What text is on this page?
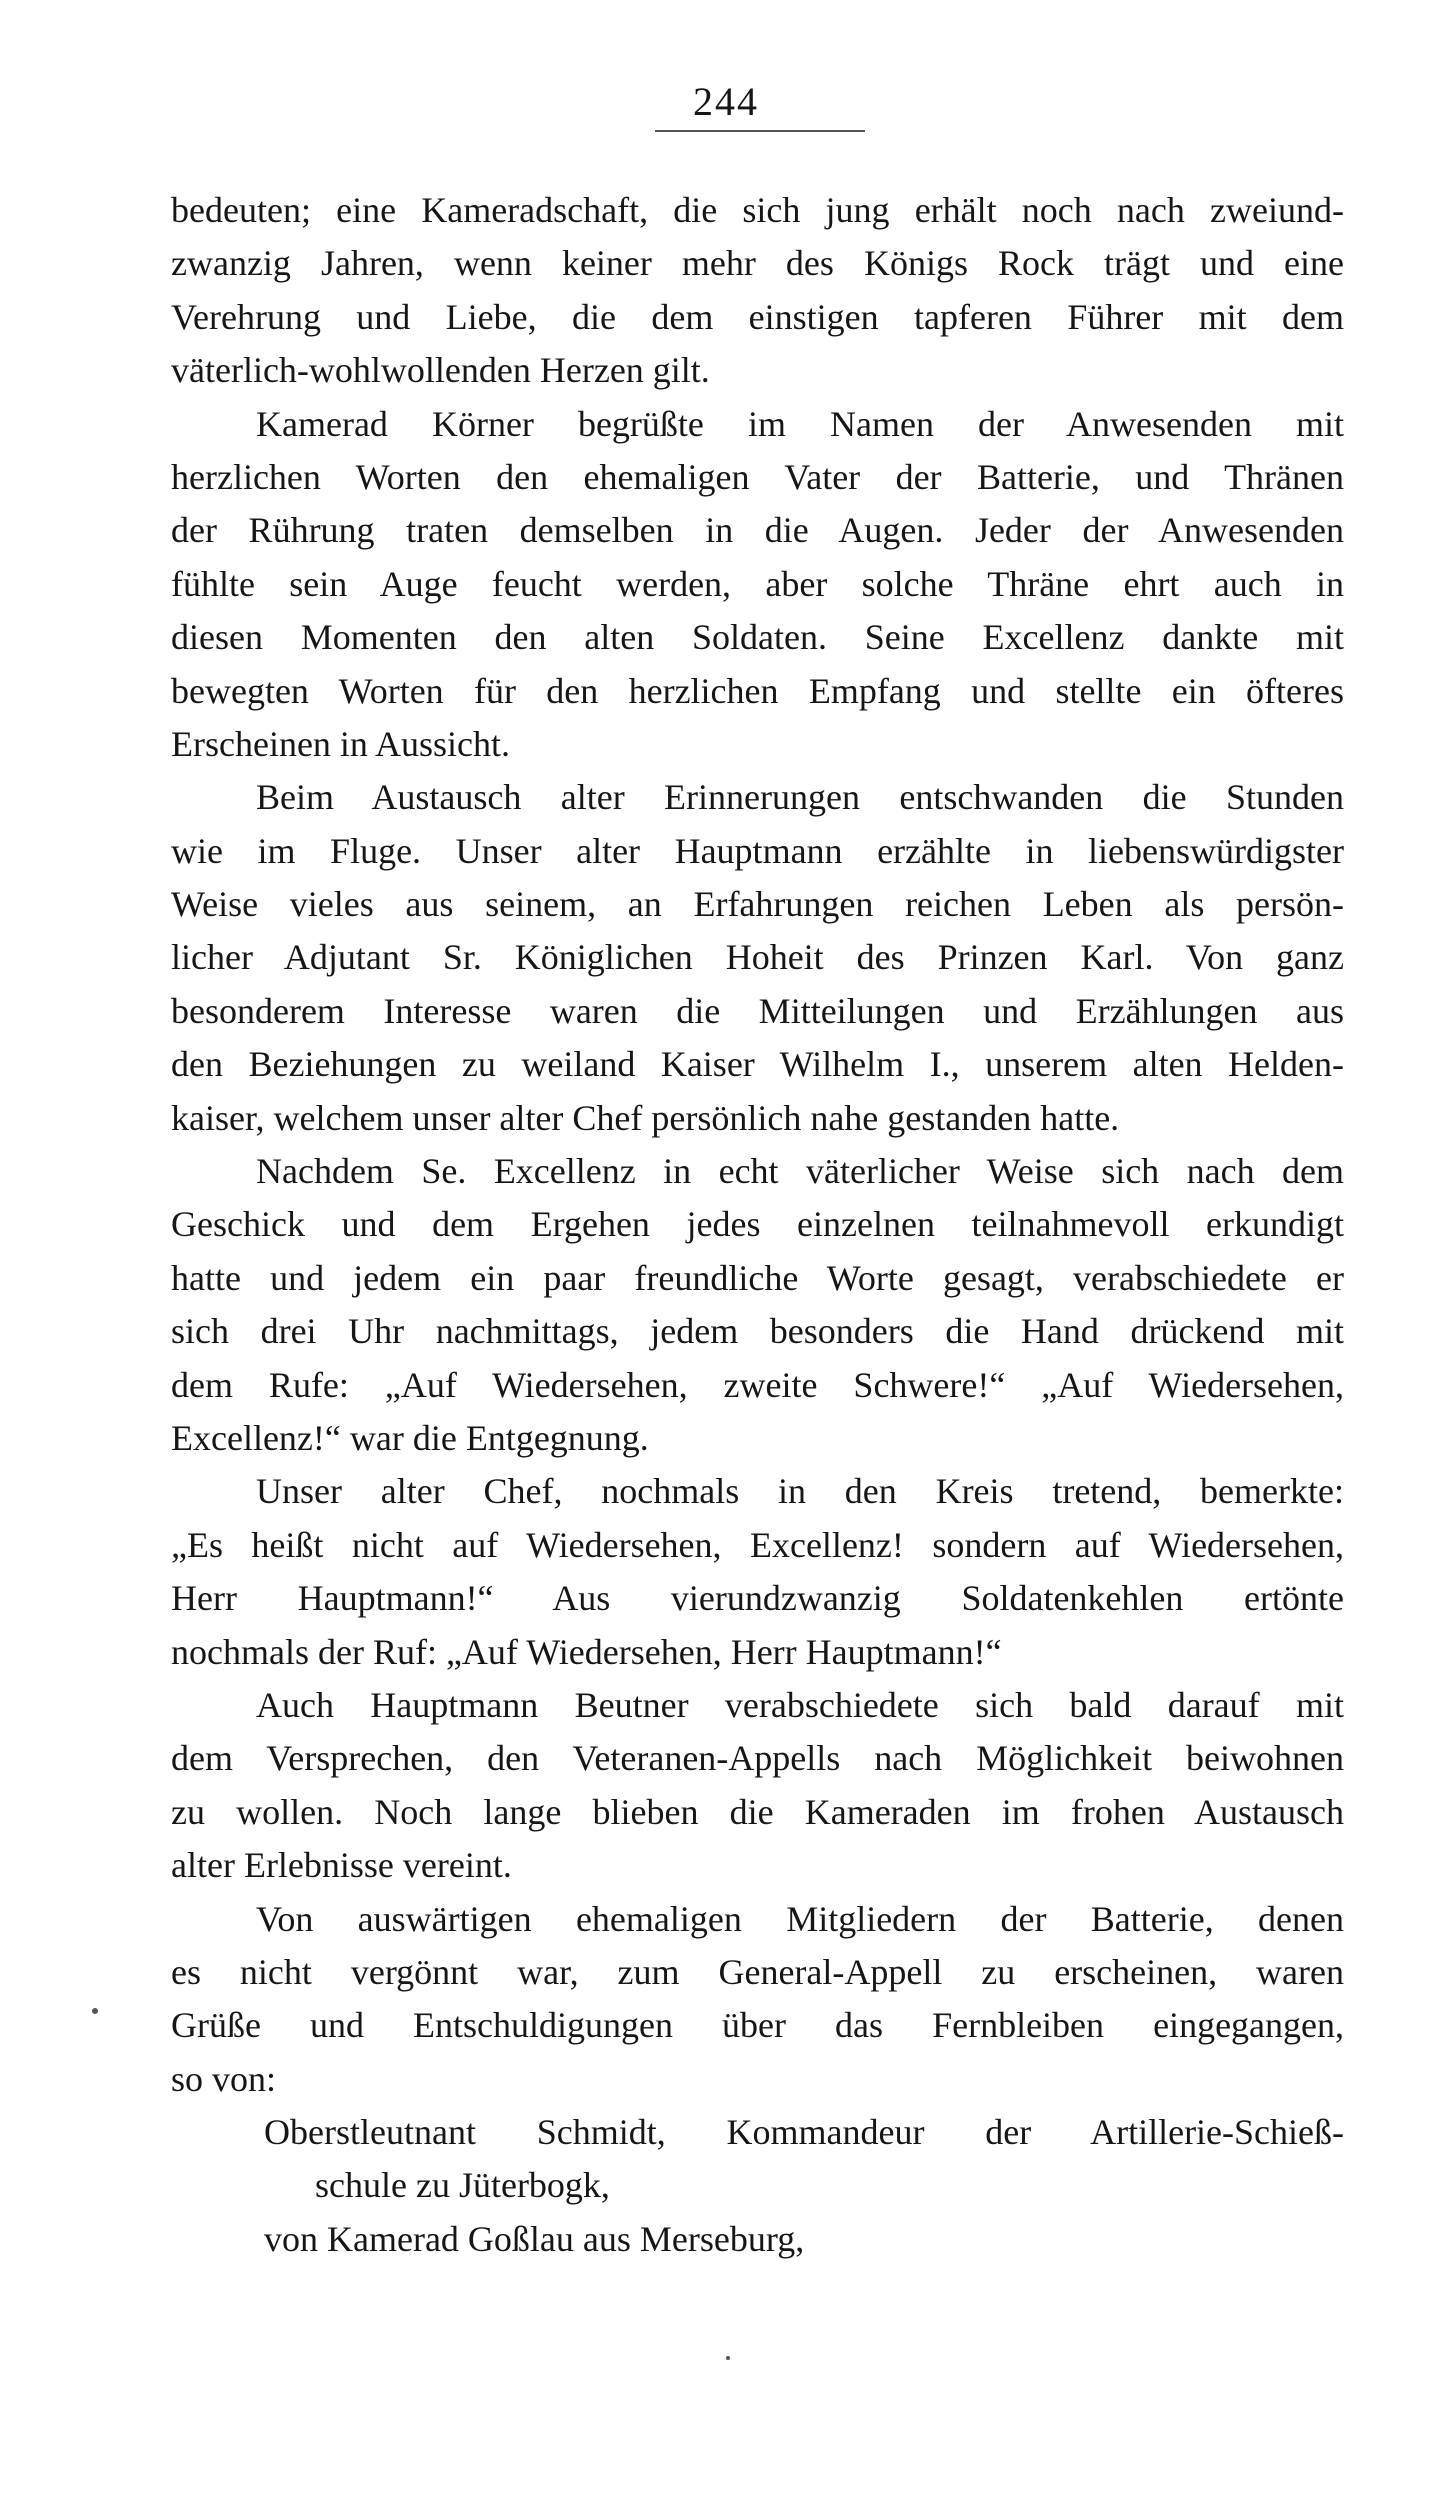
244
bedeuten; eine Kameradschaft, die sich jung erhält noch nach zweiund-
zwanzig Jahren, wenn keiner mehr des Königs Rock trägt und eine
Verehrung und Liebe, die dem einstigen tapferen Führer mit dem
väterlich-wohlwollenden Herzen gilt.
Kamerad Körner begrüßte im Namen der Anwesenden mit
herzlichen Worten den ehemaligen Vater der Batterie, und Thränen
der Rührung traten demselben in die Augen. Jeder der Anwesenden
fühlte sein Auge feucht werden, aber solche Thräne ehrt auch in
diesen Momenten den alten Soldaten. Seine Excellenz dankte mit
bewegten Worten für den herzlichen Empfang und stellte ein öfteres
Erscheinen in Aussicht.
Beim Austausch alter Erinnerungen entschwanden die Stunden
wie im Fluge. Unser alter Hauptmann erzählte in liebenswürdigster
Weise vieles aus seinem, an Erfahrungen reichen Leben als persön-
licher Adjutant Sr. Königlichen Hoheit des Prinzen Karl. Von ganz
besonderem Interesse waren die Mitteilungen und Erzählungen aus
den Beziehungen zu weiland Kaiser Wilhelm I., unserem alten Helden-
kaiser, welchem unser alter Chef persönlich nahe gestanden hatte.
Nachdem Se. Excellenz in echt väterlicher Weise sich nach dem
Geschick und dem Ergehen jedes einzelnen teilnahmevoll erkundigt
hatte und jedem ein paar freundliche Worte gesagt, verabschiedete er
sich drei Uhr nachmittags, jedem besonders die Hand drückend mit
dem Rufe: „Auf Wiedersehen, zweite Schwere!“ „Auf Wiedersehen,
Excellenz!“ war die Entgegnung.
Unser alter Chef, nochmals in den Kreis tretend, bemerkte:
„Es heißt nicht auf Wiedersehen, Excellenz! sondern auf Wiedersehen,
Herr Hauptmann!“ Aus vierundzwanzig Soldatenkehlen ertönte
nochmals der Ruf: „Auf Wiedersehen, Herr Hauptmann!“
Auch Hauptmann Beutner verabschiedete sich bald darauf mit
dem Versprechen, den Veteranen-Appells nach Möglichkeit beiwohnen
zu wollen. Noch lange blieben die Kameraden im frohen Austausch
alter Erlebnisse vereint.
Von auswärtigen ehemaligen Mitgliedern der Batterie, denen
es nicht vergönnt war, zum General-Appell zu erscheinen, waren
Grüße und Entschuldigungen über das Fernbleiben eingegangen,
so von:
Oberstleutnant Schmidt, Kommandeur der Artillerie-Schieß-
schule zu Jüterbogk,
von Kamerad Goßlau aus Merseburg,
